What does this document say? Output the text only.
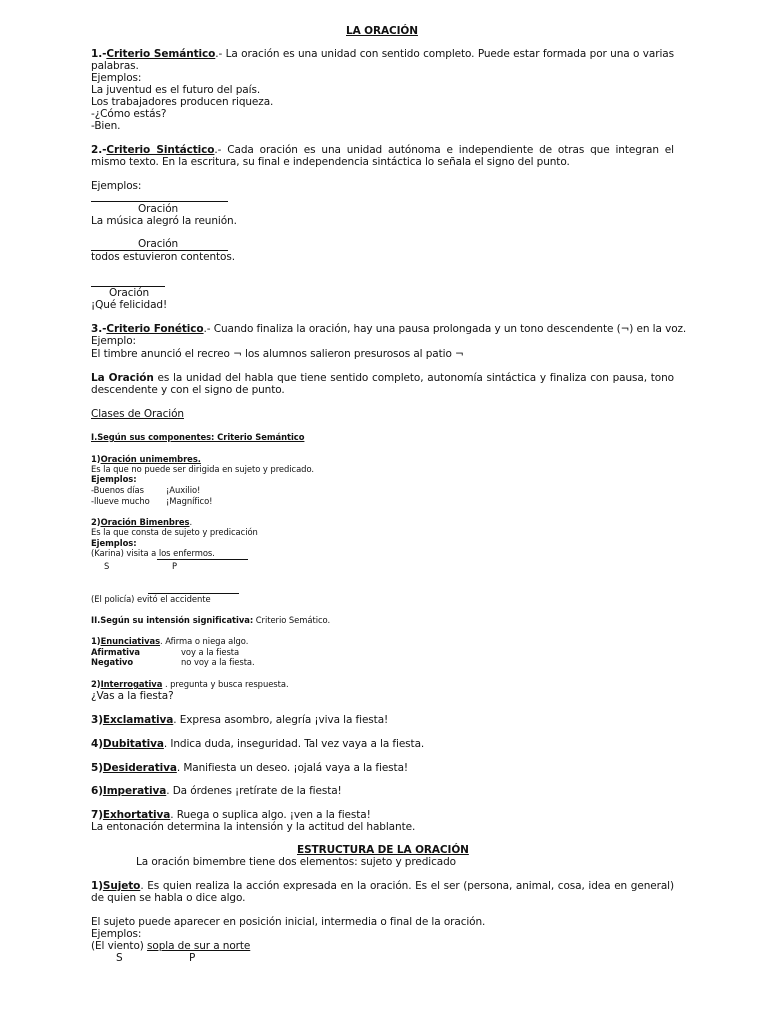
LA ORACIÓN
1.-Criterio Semántico.- La oración es una unidad con sentido completo. Puede estar formada por una o varias palabras.
Ejemplos:
La juventud es el futuro del país.
Los trabajadores producen riqueza.
-¿Cómo estás?
-Bien.
2.-Criterio Sintáctico.- Cada oración es una unidad autónoma e independiente de otras que integran el mismo texto. En la escritura, su final e independencia sintáctica lo señala el signo del punto.
Ejemplos:
Oración
La música alegró la reunión.
Oración
todos estuvieron contentos.
Oración
¡Qué felicidad!
3.-Criterio Fonético.- Cuando finaliza la oración, hay una pausa prolongada y un tono descendente (¬) en la voz.
Ejemplo:
El timbre anunció el recreo ¬ los alumnos salieron presurosos al patio ¬
La Oración es la unidad del habla que tiene sentido completo, autonomía sintáctica y finaliza con pausa, tono descendente y con el signo de punto.
Clases de Oración
I.Según sus componentes: Criterio Semántico
1)Oración unimembres.
Es la que no puede ser dirigida en sujeto y predicado.
Ejemplos:
-Buenos días	¡Auxilio!
-llueve mucho ¡Magnífico!
2)Oración Bimenbres.
Es la que consta de sujeto y predicación
Ejemplos:
(Karina) visita a los enfermos.
S	P
(El policía) evitó el accidente
II.Según su intensión significativa: Criterio Semático.
1)Enunciativas. Afirma o niega algo.
Afirmativa	voy a la fiesta
Negativo	no voy a la fiesta.
2)Interrogativa . pregunta y busca respuesta.
¿Vas a la fiesta?
3)Exclamativa. Expresa asombro, alegría ¡viva la fiesta!
4)Dubitativa. Indica duda, inseguridad. Tal vez vaya a la fiesta.
5)Desiderativa. Manifiesta un deseo. ¡ojalá vaya a la fiesta!
6)Imperativa. Da órdenes ¡retírate de la fiesta!
7)Exhortativa. Ruega o suplica algo. ¡ven a la fiesta!
La entonación determina la intensión y la actitud del hablante.
ESTRUCTURA DE LA ORACIÓN
La oración bimembre tiene dos elementos: sujeto y predicado
1)Sujeto. Es quien realiza la acción expresada en la oración. Es el ser (persona, animal, cosa, idea en general) de quien se habla o dice algo.
El sujeto puede aparecer en posición inicial, intermedia o final de la oración.
Ejemplos:
(El viento) sopla de sur a norte
S	P
